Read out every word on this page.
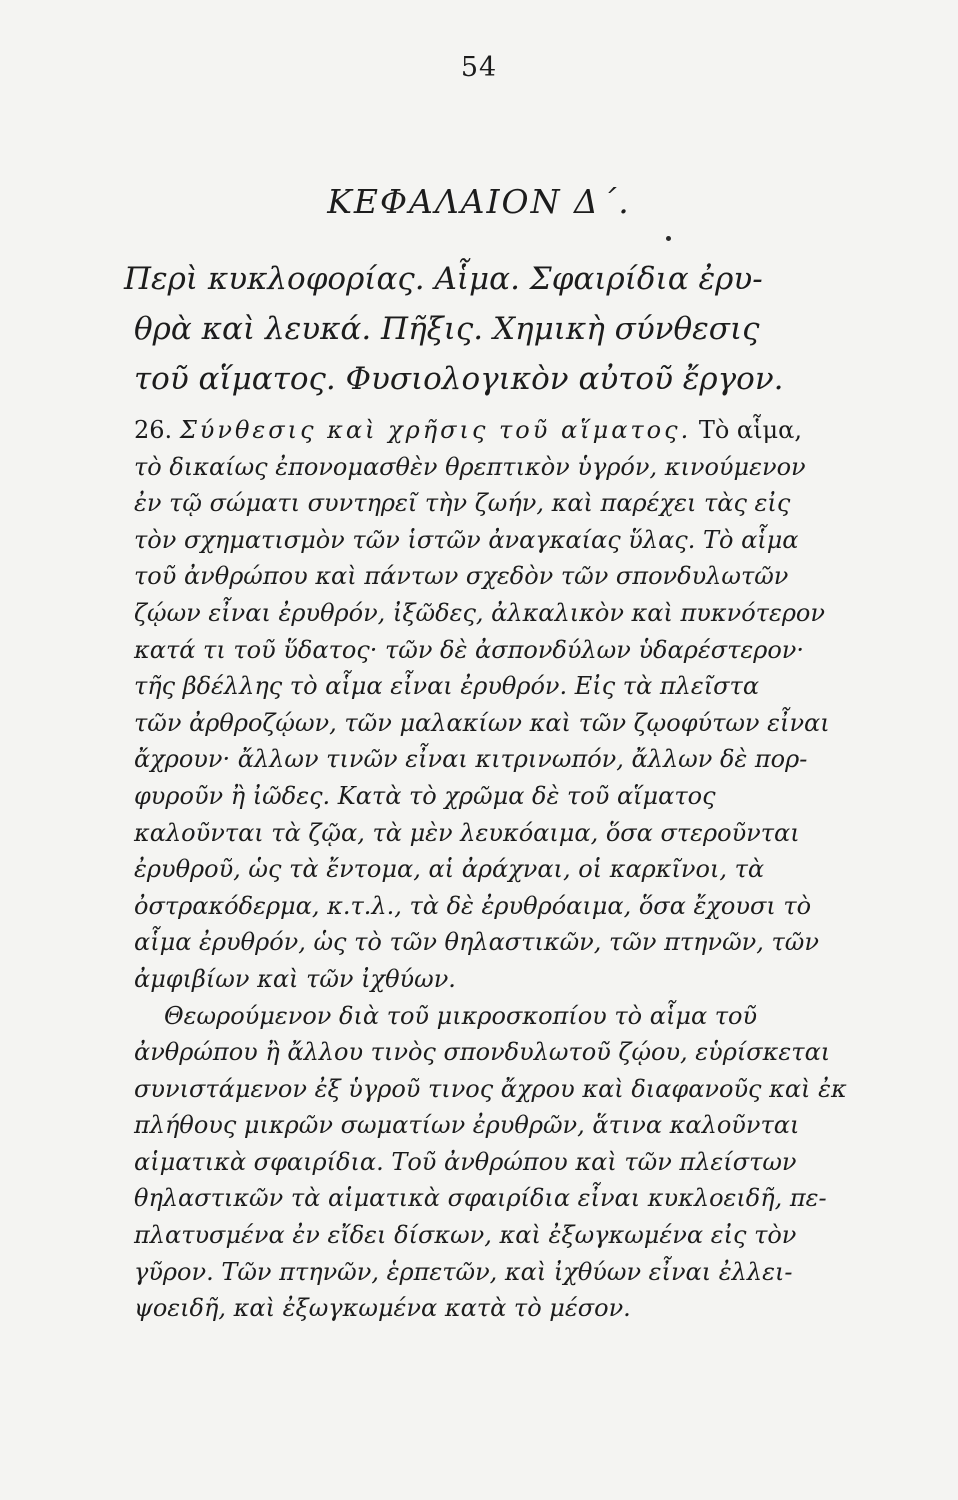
54
ΚΕΦΑΛΑΙΟΝ Δ΄.
Περὶ κυκλοφορίας. Αἷμα. Σφαιρίδια ἐρυ-
θρὰ καὶ λευκά. Πῆξις. Χημικὴ σύνθεσις
τοῦ αἵματος. Φυσιολογικὸν αὐτοῦ ἔργον.
26. Σύνθεσις καὶ χρῆσις τοῦ αἵματος. Τὸ αἷμα,
τὸ δικαίως ἐπονομασθὲν θρεπτικὸν ὑγρόν, κινούμενον
ἐν τῷ σώματι συντηρεῖ τὴν ζωήν, καὶ παρέχει τὰς εἰς
τὸν σχηματισμὸν τῶν ἱστῶν ἀναγκαίας ὕλας. Τὸ αἷμα
τοῦ ἀνθρώπου καὶ πάντων σχεδὸν τῶν σπονδυλωτῶν
ζῴων εἶναι ἐρυθρόν, ἰξῶδες, ἀλκαλικὸν καὶ πυκνότερον
κατά τι τοῦ ὕδατος· τῶν δὲ ἀσπονδύλων ὑδαρέστερον·
τῆς βδέλλης τὸ αἷμα εἶναι ἐρυθρόν. Εἰς τὰ πλεῖστα
τῶν ἀρθροζῴων, τῶν μαλακίων καὶ τῶν ζῳοφύτων εἶναι
ἄχρουν· ἄλλων τινῶν εἶναι κιτρινωπόν, ἄλλων δὲ πορ-
φυροῦν ἢ ἰῶδες. Κατὰ τὸ χρῶμα δὲ τοῦ αἵματος
καλοῦνται τὰ ζῷα, τὰ μὲν λευκόαιμα, ὅσα στεροῦνται
ἐρυθροῦ, ὡς τὰ ἔντομα, αἱ ἀράχναι, οἱ καρκῖνοι, τὰ
ὀστρακόδερμα, κ.τ.λ., τὰ δὲ ἐρυθρόαιμα, ὅσα ἔχουσι τὸ
αἷμα ἐρυθρόν, ὡς τὸ τῶν θηλαστικῶν, τῶν πτηνῶν, τῶν
ἀμφιβίων καὶ τῶν ἰχθύων.
Θεωρούμενον διὰ τοῦ μικροσκοπίου τὸ αἷμα τοῦ
ἀνθρώπου ἢ ἄλλου τινὸς σπονδυλωτοῦ ζῴου, εὑρίσκεται
συνιστάμενον ἐξ ὑγροῦ τινος ἄχρου καὶ διαφανοῦς καὶ ἐκ
πλήθους μικρῶν σωματίων ἐρυθρῶν, ἅτινα καλοῦνται
αἱματικὰ σφαιρίδια. Τοῦ ἀνθρώπου καὶ τῶν πλείστων
θηλαστικῶν τὰ αἱματικὰ σφαιρίδια εἶναι κυκλοειδῆ, πε-
πλατυσμένα ἐν εἴδει δίσκων, καὶ ἐξωγκωμένα εἰς τὸν
γῦρον. Τῶν πτηνῶν, ἑρπετῶν, καὶ ἰχθύων εἶναι ἐλλει-
ψοειδῆ, καὶ ἐξωγκωμένα κατὰ τὸ μέσον.
